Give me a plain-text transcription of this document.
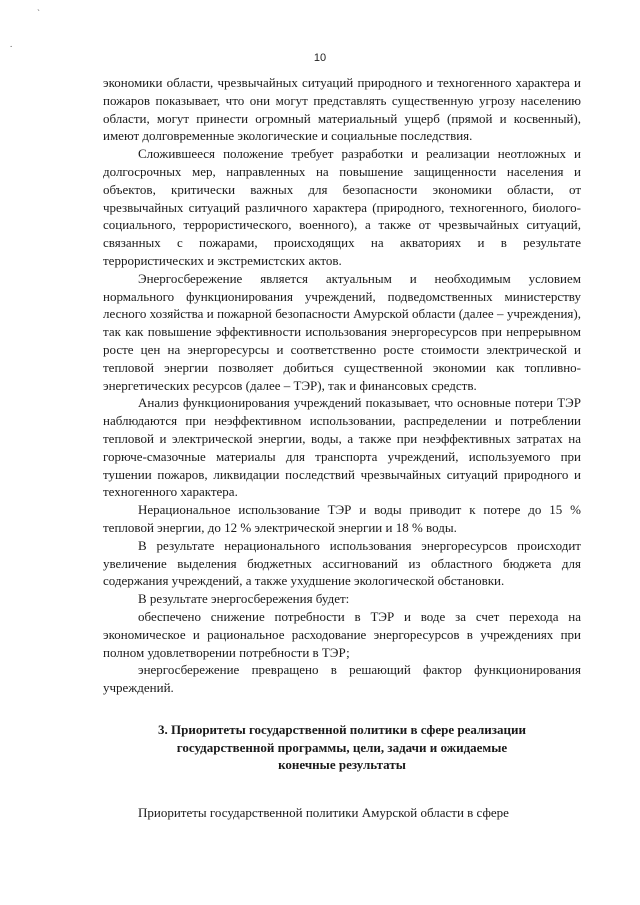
`
.
10

экономики области, чрезвычайных ситуаций природного и техногенного характера и пожаров показывает, что они могут представлять существенную угрозу населению области, могут принести огромный материальный ущерб (прямой и косвенный), имеют долговременные экологические и социальные последствия.

Сложившееся положение требует разработки и реализации неотложных и долгосрочных мер, направленных на повышение защищенности населения и объектов, критически важных для безопасности экономики области, от чрезвычайных ситуаций различного характера (природного, техногенного, биолого-социального, террористического, военного), а также от чрезвычайных ситуаций, связанных с пожарами, происходящих на акваториях и в результате террористических и экстремистских актов.

Энергосбережение является актуальным и необходимым условием нормального функционирования учреждений, подведомственных министерству лесного хозяйства и пожарной безопасности Амурской области (далее – учреждения), так как повышение эффективности использования энергоресурсов при непрерывном росте цен на энергоресурсы и соответственно росте стоимости электрической и тепловой энергии позволяет добиться существенной экономии как топливно-энергетических ресурсов (далее – ТЭР), так и финансовых средств.

Анализ функционирования учреждений показывает, что основные потери ТЭР наблюдаются при неэффективном использовании, распределении и потреблении тепловой и электрической энергии, воды, а также при неэффективных затратах на горюче-смазочные материалы для транспорта учреждений, используемого при тушении пожаров, ликвидации последствий чрезвычайных ситуаций природного и техногенного характера.

Нерациональное использование ТЭР и воды приводит к потере до 15 % тепловой энергии, до 12 % электрической энергии и 18 % воды.

В результате нерационального использования энергоресурсов происходит увеличение выделения бюджетных ассигнований из областного бюджета для содержания учреждений, а также ухудшение экологической обстановки.

В результате энергосбережения будет:

обеспечено снижение потребности в ТЭР и воде за счет перехода на экономическое и рациональное расходование энергоресурсов в учреждениях при полном удовлетворении потребности в ТЭР;

энергосбережение превращено в решающий фактор функционирования учреждений.

3. Приоритеты государственной политики в сфере реализации
государственной программы, цели, задачи и ожидаемые
конечные результаты

Приоритеты государственной политики Амурской области в сфере
